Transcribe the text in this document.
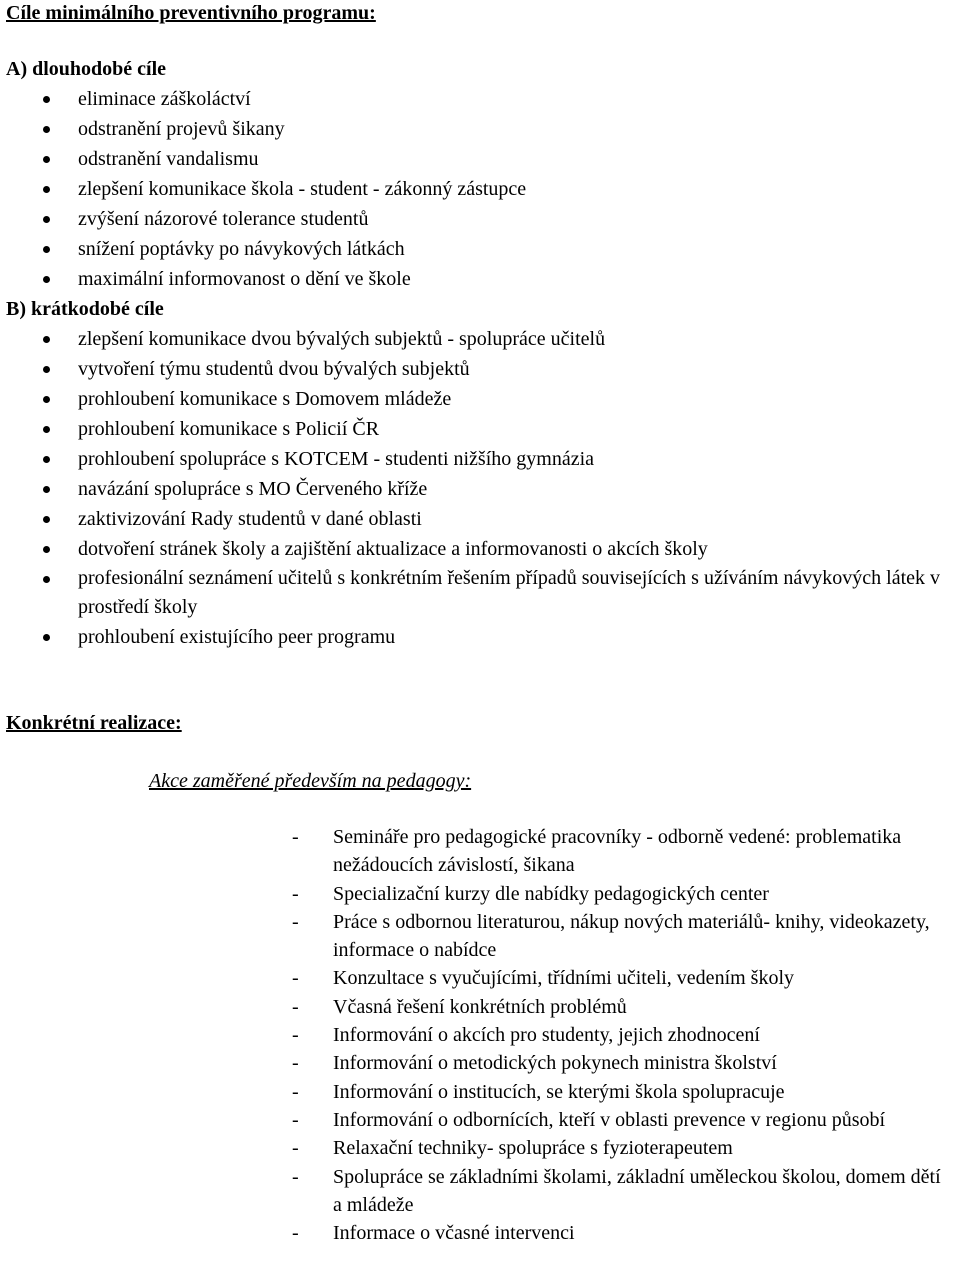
Cíle minimálního preventivního programu:
A) dlouhodobé cíle
eliminace záškoláctví
odstranění projevů šikany
odstranění vandalismu
zlepšení komunikace škola - student - zákonný zástupce
zvýšení názorové tolerance studentů
snížení poptávky po návykových látkách
maximální informovanost o dění ve škole
B) krátkodobé cíle
zlepšení komunikace dvou bývalých subjektů - spolupráce učitelů
vytvoření týmu studentů dvou bývalých subjektů
prohloubení komunikace s Domovem mládeže
prohloubení komunikace s Policií ČR
prohloubení spolupráce s KOTCEM - studenti nižšího gymnázia
navázání spolupráce s MO Červeného kříže
zaktivizování Rady studentů v dané oblasti
dotvoření stránek školy a zajištění aktualizace a informovanosti o akcích školy
profesionální seznámení učitelů s konkrétním řešením případů souvisejících s užíváním návykových látek v prostředí školy
prohloubení existujícího peer programu
Konkrétní realizace:
Akce zaměřené především na pedagogy:
- Semináře pro pedagogické pracovníky - odborně vedené: problematika nežádoucích závislostí, šikana
- Specializační kurzy dle nabídky pedagogických center
- Práce s odbornou literaturou, nákup nových materiálů- knihy, videokazety, informace o nabídce
- Konzultace s vyučujícími, třídními učiteli, vedením školy
- Včasná řešení konkrétních problémů
- Informování o akcích pro studenty, jejich zhodnocení
- Informování o metodických pokynech ministra školství
- Informování o institucích, se kterými škola spolupracuje
- Informování o odbornících, kteří v oblasti prevence v regionu působí
- Relaxační techniky- spolupráce s fyzioterapeutem
- Spolupráce se základními školami, základní uměleckou školou, domem dětí a mládeže
- Informace o včasné intervenci
